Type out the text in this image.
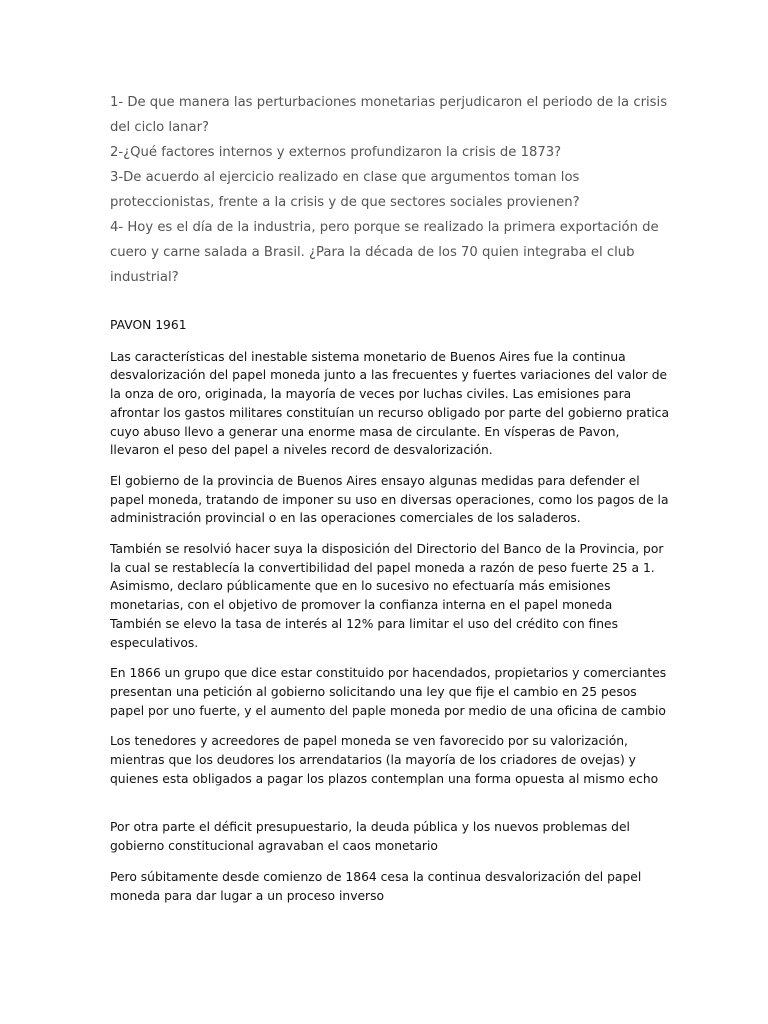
1- De que manera las perturbaciones monetarias perjudicaron el periodo de la crisis del ciclo lanar?

2-¿Qué factores internos y externos profundizaron la crisis de 1873?

3-De acuerdo al ejercicio realizado en clase que argumentos toman los proteccionistas, frente a la crisis y de que sectores sociales provienen?

4- Hoy es el día de la industria, pero porque se realizado la primera exportación de cuero y carne salada a Brasil. ¿Para la década de los 70 quien integraba el club industrial?

PAVON 1961

Las características del inestable sistema monetario de Buenos Aires fue la continua desvalorización del papel moneda junto a las frecuentes y fuertes variaciones del valor de la onza de oro, originada, la mayoría de veces por luchas civiles. Las emisiones para afrontar los gastos militares constituían un recurso obligado por parte del gobierno pratica cuyo abuso llevo a generar una enorme masa de circulante. En vísperas de Pavon, llevaron el peso del papel a niveles record de desvalorización.

El gobierno de la provincia de Buenos Aires ensayo algunas medidas para defender el papel moneda, tratando de imponer su uso en diversas operaciones, como los pagos de la administración provincial o en las operaciones comerciales de los saladeros.

También se resolvió hacer suya la disposición del Directorio del Banco de la Provincia, por la cual se restablecía la convertibilidad del papel moneda a razón de peso fuerte 25 a 1. Asimismo, declaro públicamente que en lo sucesivo no efectuaría más emisiones monetarias, con el objetivo de promover la confianza interna en el papel moneda
También se elevo la tasa de interés al 12% para limitar el uso del crédito con fines especulativos.

En 1866 un grupo que dice estar constituido por hacendados, propietarios y comerciantes presentan una petición al gobierno solicitando una ley que fije el cambio en 25 pesos papel por uno fuerte, y el aumento del paple moneda por medio de una oficina de cambio

Los tenedores y acreedores de papel moneda se ven favorecido por su valorización, mientras que los deudores los arrendatarios (la mayoría de los criadores de ovejas) y quienes esta obligados a pagar los plazos contemplan una forma opuesta al mismo echo

Por otra parte el déficit presupuestario, la deuda pública y los nuevos problemas del gobierno constitucional agravaban el caos monetario

Pero súbitamente desde comienzo de 1864 cesa la continua desvalorización del papel moneda para dar lugar a un proceso inverso
